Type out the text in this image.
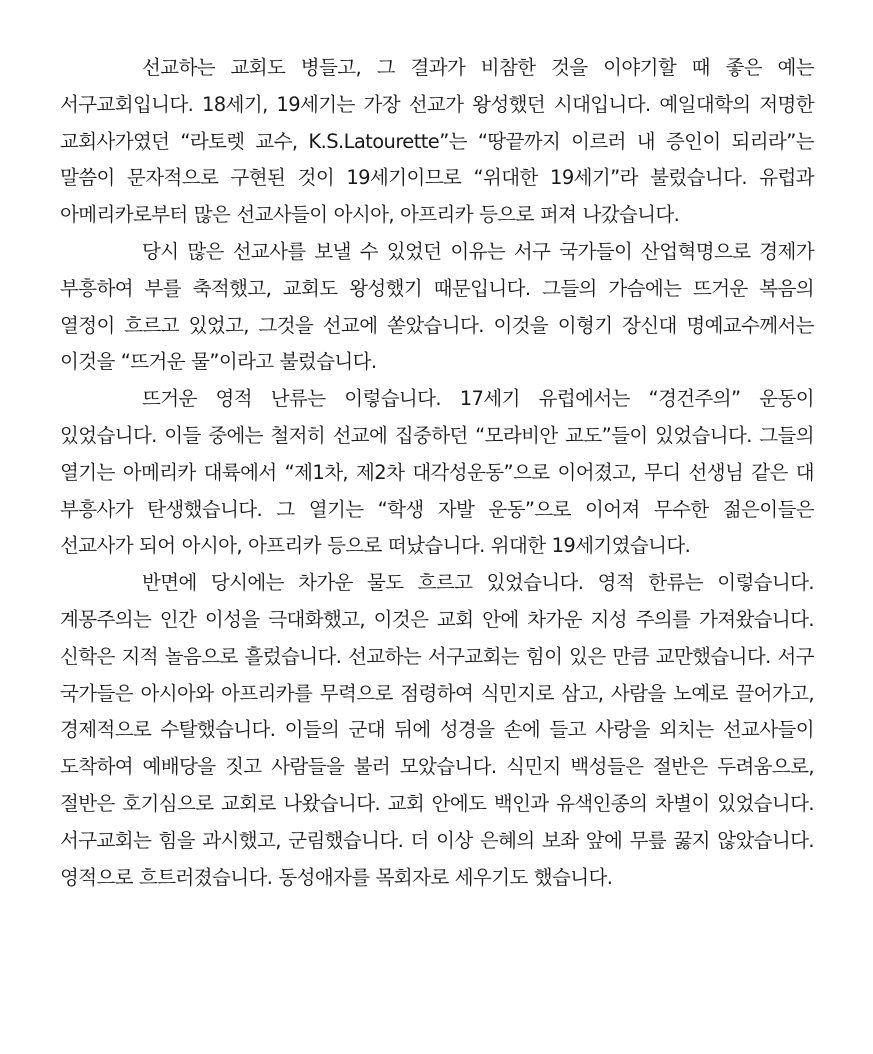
선교하는 교회도 병들고, 그 결과가 비참한 것을 이야기할 때 좋은 예는 서구교회입니다. 18세기, 19세기는 가장 선교가 왕성했던 시대입니다. 예일대학의 저명한 교회사가였던 “라토렛 교수, K.S.Latourette”는 “땅끝까지 이르러 내 증인이 되리라”는 말씀이 문자적으로 구현된 것이 19세기이므로 “위대한 19세기”라 불렀습니다. 유럽과 아메리카로부터 많은 선교사들이 아시아, 아프리카 등으로 퍼져 나갔습니다.

당시 많은 선교사를 보낼 수 있었던 이유는 서구 국가들이 산업혁명으로 경제가 부흥하여 부를 축적했고, 교회도 왕성했기 때문입니다. 그들의 가슴에는 뜨거운 복음의 열정이 흐르고 있었고, 그것을 선교에 쏟았습니다. 이것을 이형기 장신대 명예교수께서는 이것을 “뜨거운 물”이라고 불렀습니다.

뜨거운 영적 난류는 이렇습니다. 17세기 유럽에서는 “경건주의” 운동이 있었습니다. 이들 중에는 철저히 선교에 집중하던 “모라비안 교도”들이 있었습니다. 그들의 열기는 아메리카 대륙에서 “제1차, 제2차 대각성운동”으로 이어졌고, 무디 선생님 같은 대 부흥사가 탄생했습니다. 그 열기는 “학생 자발 운동”으로 이어져 무수한 젊은이들은 선교사가 되어 아시아, 아프리카 등으로 떠났습니다. 위대한 19세기였습니다.

반면에 당시에는 차가운 물도 흐르고 있었습니다. 영적 한류는 이렇습니다. 계몽주의는 인간 이성을 극대화했고, 이것은 교회 안에 차가운 지성 주의를 가져왔습니다. 신학은 지적 놀음으로 흘렀습니다. 선교하는 서구교회는 힘이 있은 만큼 교만했습니다. 서구 국가들은 아시아와 아프리카를 무력으로 점령하여 식민지로 삼고, 사람을 노예로 끌어가고, 경제적으로 수탈했습니다. 이들의 군대 뒤에 성경을 손에 들고 사랑을 외치는 선교사들이 도착하여 예배당을 짓고 사람들을 불러 모았습니다. 식민지 백성들은 절반은 두려움으로, 절반은 호기심으로 교회로 나왔습니다. 교회 안에도 백인과 유색인종의 차별이 있었습니다. 서구교회는 힘을 과시했고, 군림했습니다. 더 이상 은혜의 보좌 앞에 무릎 꿇지 않았습니다. 영적으로 흐트러졌습니다. 동성애자를 목회자로 세우기도 했습니다.
